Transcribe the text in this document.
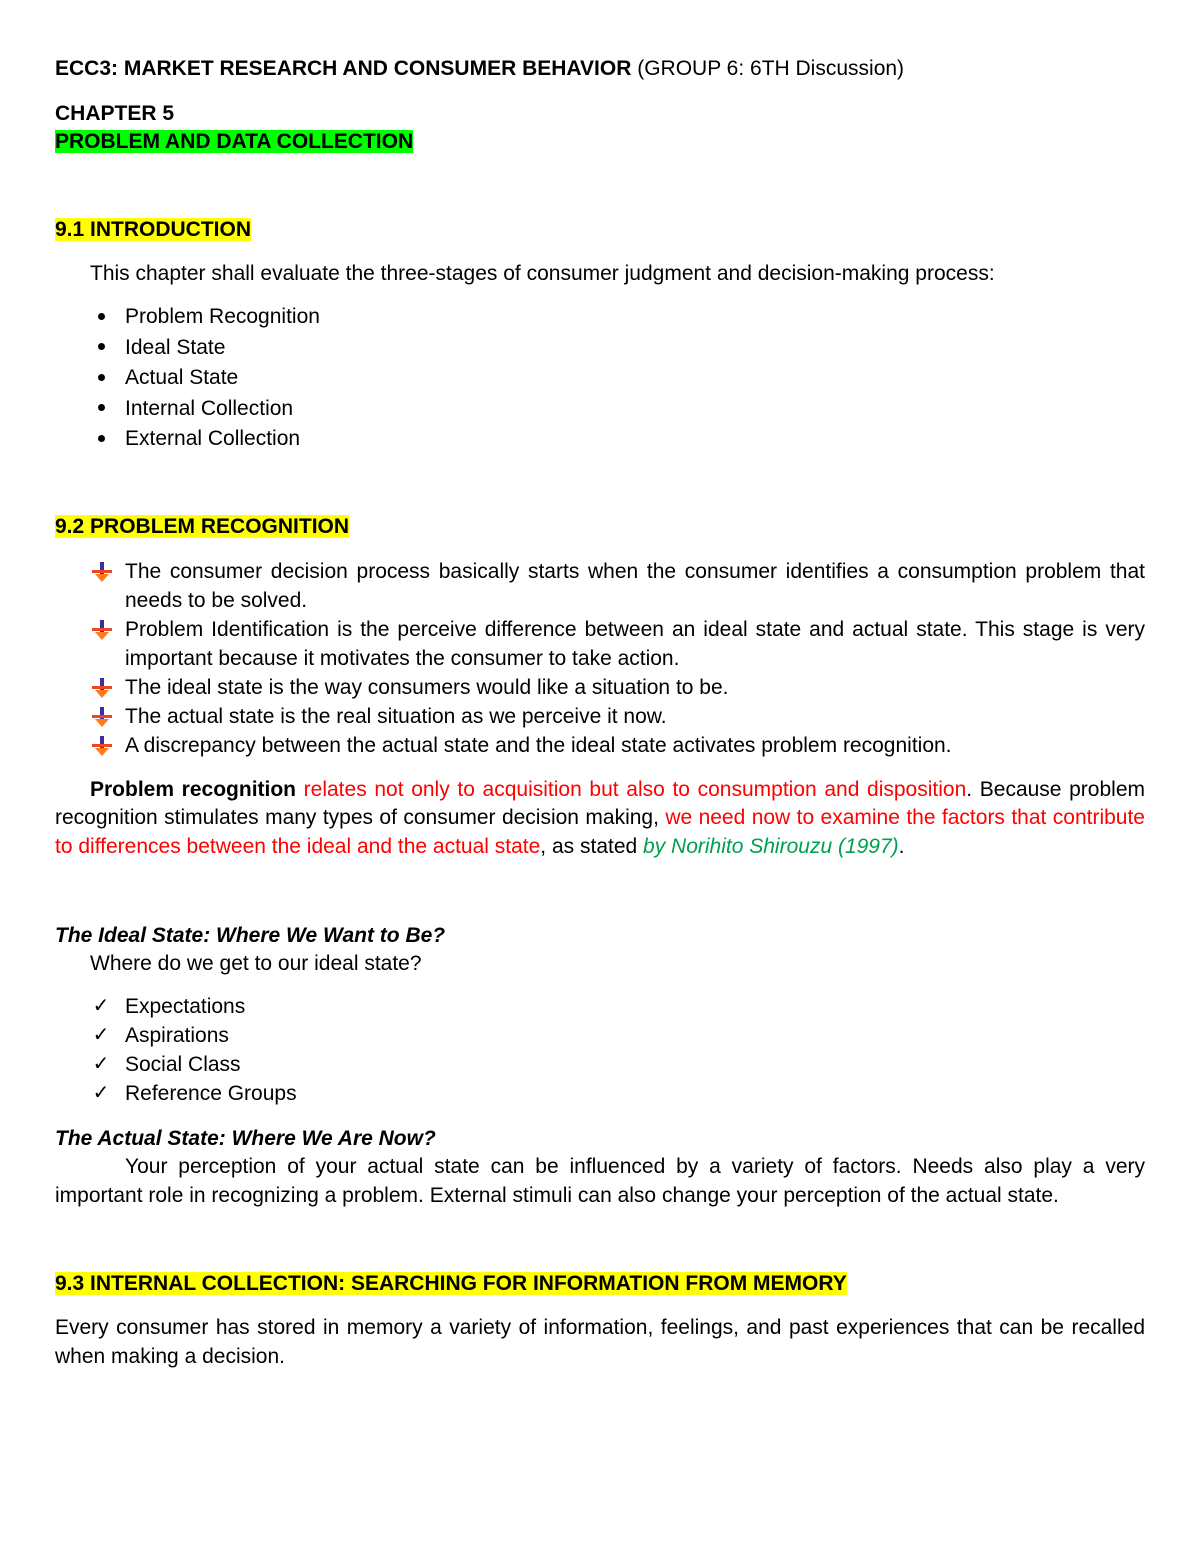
ECC3: MARKET RESEARCH AND CONSUMER BEHAVIOR (GROUP 6: 6TH Discussion)

CHAPTER 5

PROBLEM AND DATA COLLECTION

9.1 INTRODUCTION

This chapter shall evaluate the three-stages of consumer judgment and decision-making process:

Problem Recognition
Ideal State
Actual State
Internal Collection
External Collection

9.2 PROBLEM RECOGNITION

The consumer decision process basically starts when the consumer identifies a consumption problem that needs to be solved.
Problem Identification is the perceive difference between an ideal state and actual state. This stage is very important because it motivates the consumer to take action.
The ideal state is the way consumers would like a situation to be.
The actual state is the real situation as we perceive it now.
A discrepancy between the actual state and the ideal state activates problem recognition.

Problem recognition relates not only to acquisition but also to consumption and disposition. Because problem recognition stimulates many types of consumer decision making, we need now to examine the factors that contribute to differences between the ideal and the actual state, as stated by Norihito Shirouzu (1997).

The Ideal State: Where We Want to Be?

Where do we get to our ideal state?

✓ Expectations
✓ Aspirations
✓ Social Class
✓ Reference Groups

The Actual State: Where We Are Now?

Your perception of your actual state can be influenced by a variety of factors. Needs also play a very important role in recognizing a problem. External stimuli can also change your perception of the actual state.

9.3 INTERNAL COLLECTION: SEARCHING FOR INFORMATION FROM MEMORY

Every consumer has stored in memory a variety of information, feelings, and past experiences that can be recalled when making a decision.
